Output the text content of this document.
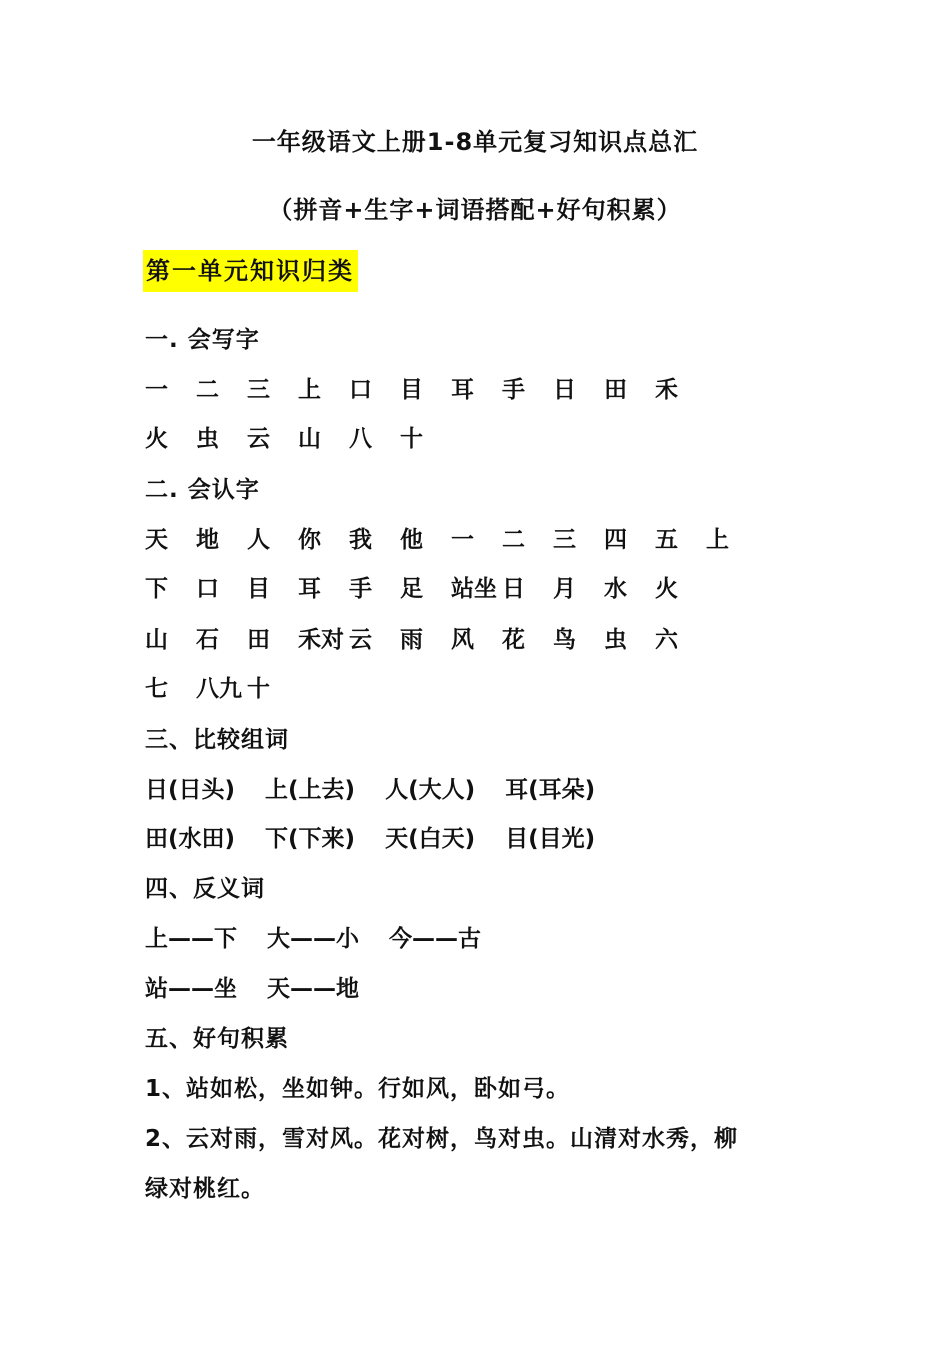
一年级语文上册1-8单元复习知识点总汇
（拼音+生字+词语搭配+好句积累）
第一单元知识归类
一. 会写字
一 二 三 上 口 目 耳 手 日 田 禾
火 虫 云 山 八 十
二. 会认字
天 地 人 你 我 他 一 二 三 四 五 上
下 口 目 耳 手 足 站坐 日 月 水 火
山 石 田 禾对 云 雨 风 花 鸟 虫 六
七 八九 十
三、比较组词
日(日头) 上(上去) 人(大人) 耳(耳朵)
田(水田) 下(下来) 天(白天) 目(目光)
四、反义词
上——下 大——小 今——古
站——坐 天——地
五、好句积累
1、站如松，坐如钟。行如风，卧如弓。
2、云对雨，雪对风。花对树，鸟对虫。山清对水秀，柳
绿对桃红。
